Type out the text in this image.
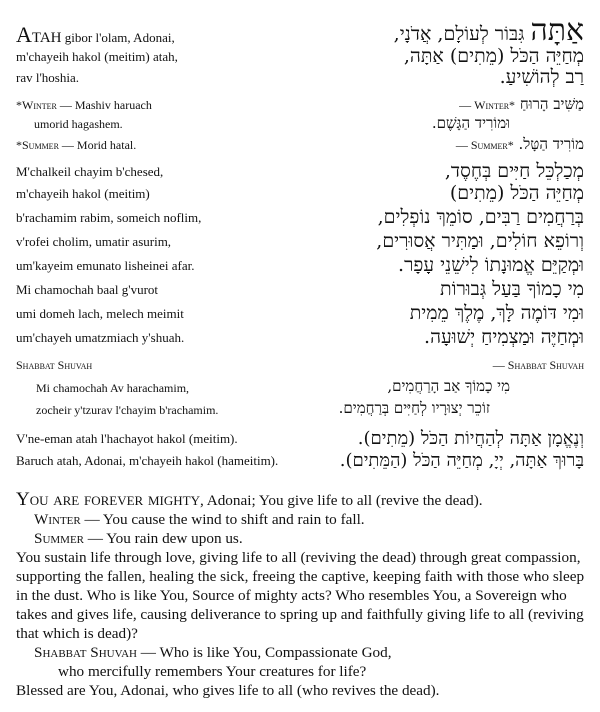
Atah gibor l'olam, Adonai,	אַתָּה גִּבּוֹר לְעוֹלָם, אֲדֹנָי,
m'chayeih hakol (meitim) atah,	מְחַיֵּה הַכֹּל (מֵתִים) אַתָּה,
rav l'hoshia.	רַב לְהוֹשִׁיעַ.
*Winter — Mashiv haruach	מַשִּׁיב הָרוּחַ — Winter*
umorid hagashem.	וּמוֹרִיד הַגָּשֶׁם.
*Summer — Morid hatal.	מוֹרִיד הַטָּל. — Summer*
M'chalkeil chayim b'chesed,	מְכַלְכֵּל חַיִּים בְּחֶסֶד,
m'chayeih hakol (meitim)	מְחַיֵּה הַכֹּל (מֵתִים)
b'rachamim rabim, someich noflim,	בְּרַחֲמִים רַבִּים, סוֹמֵךְ נוֹפְלִים,
v'rofei cholim, umatir asurim,	וְרוֹפֵא חוֹלִים, וּמַתִּיר אֲסוּרִים,
um'kayeim emunato lisheinei afar.	וּמְקַיֵּם אֱמוּנָתוֹ לִישֵׁנֵי עָפָר.
Mi chamochah baal g'vurot	מִי כָמוֹךָ בַּעַל גְּבוּרוֹת
umi domeh lach, melech meimit	וּמִי דּוֹמֶה לָּךְ, מֶלֶךְ מֵמִית
um'chayeh umatzmiach y'shuah.	וּמְחַיֶּה וּמַצְמִיחַ יְשׁוּעָה.
Shabbat Shuvah	— Shabbat Shuvah
Mi chamochah Av harachamim,	מִי כָמוֹךָ אַב הָרַחֲמִים,
zocheir y'tzurav l'chayim b'rachamim.	זוֹכֵר יְצוּרָיו לְחַיִּים בְּרַחֲמִים.
V'ne-eman atah l'hachayot hakol (meitim).	וְנֶאֱמָן אַתָּה לְהַחֲיוֹת הַכֹּל (מֵתִים).
Baruch atah, Adonai, m'chayeih hakol (hameitim).	בָּרוּךְ אַתָּה, יְיָ, מְחַיֵּה הַכֹּל (הַמֵּתִים).

You are forever mighty, Adonai; You give life to all (revive the dead).

Winter — You cause the wind to shift and rain to fall.

Summer — You rain dew upon us.

You sustain life through love, giving life to all (reviving the dead) through great compassion, supporting the fallen, healing the sick, freeing the captive, keeping faith with those who sleep in the dust. Who is like You, Source of mighty acts? Who resembles You, a Sovereign who takes and gives life, causing deliverance to spring up and faithfully giving life to all (reviving that which is dead)?

Shabbat Shuvah — Who is like You, Compassionate God,

who mercifully remembers Your creatures for life?

Blessed are You, Adonai, who gives life to all (who revives the dead).
